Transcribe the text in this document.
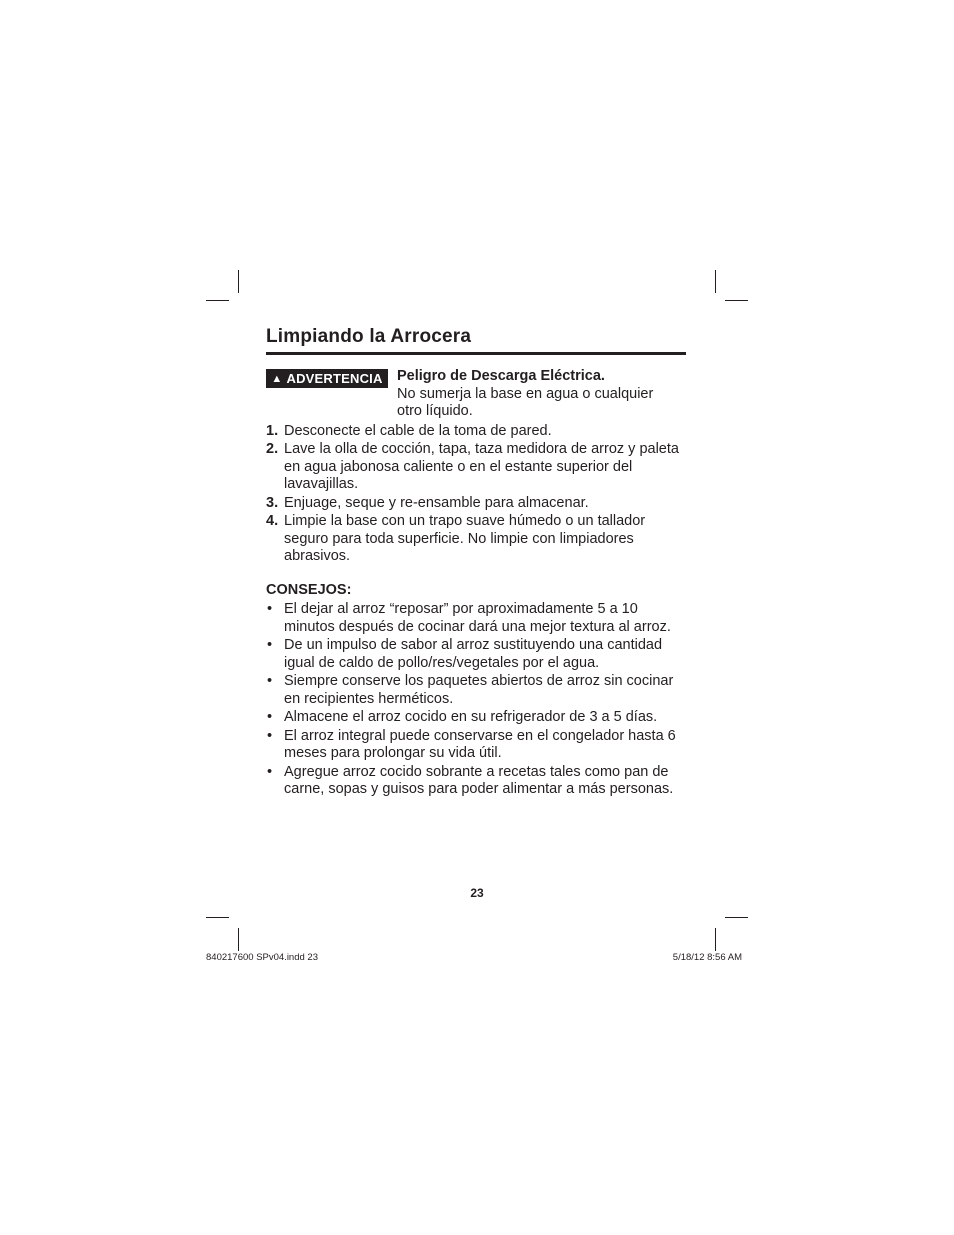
Limpiando la Arrocera
▲ ADVERTENCIA Peligro de Descarga Eléctrica.
No sumerja la base en agua o cualquier
otro líquido.
1. Desconecte el cable de la toma de pared.
2. Lave la olla de cocción, tapa, taza medidora de arroz y paleta en agua jabonosa caliente o en el estante superior del lavavajillas.
3. Enjuage, seque y re-ensamble para almacenar.
4. Limpie la base con un trapo suave húmedo o un tallador seguro para toda superficie. No limpie con limpiadores abrasivos.
CONSEJOS:
• El dejar al arroz “reposar” por aproximadamente 5 a 10 minutos después de cocinar dará una mejor textura al arroz.
• De un impulso de sabor al arroz sustituyendo una cantidad igual de caldo de pollo/res/vegetales por el agua.
• Siempre conserve los paquetes abiertos de arroz sin cocinar en recipientes herméticos.
• Almacene el arroz cocido en su refrigerador de 3 a 5 días.
• El arroz integral puede conservarse en el congelador hasta 6 meses para prolongar su vida útil.
• Agregue arroz cocido sobrante a recetas tales como pan de carne, sopas y guisos para poder alimentar a más personas.
23
840217600 SPv04.indd 23	5/18/12 8:56 AM
